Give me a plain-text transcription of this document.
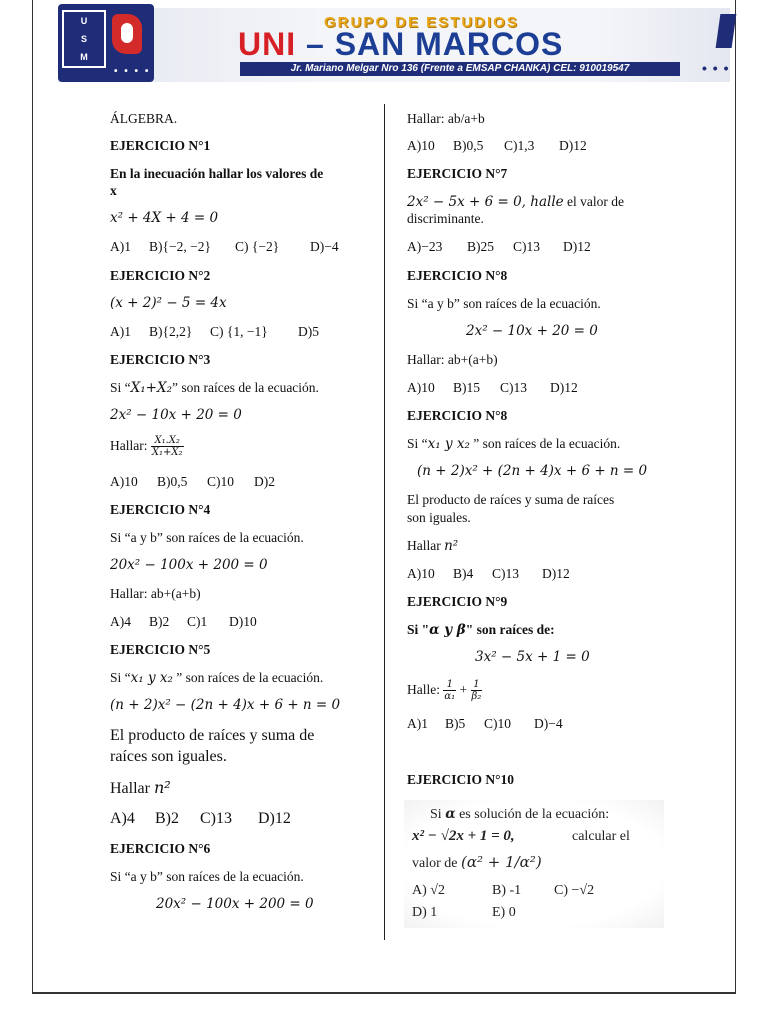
U
S
M
• • • •
GRUPO DE ESTUDIOS
UNI – SAN MARCOS
Jr. Mariano Melgar Nro 136 (Frente a EMSAP CHANKA) CEL: 910019547	• • •
ÁLGEBRA.
EJERCICIO N°1
En la inecuación hallar los valores de
x
x² + 4X + 4 = 0
A)1 B){−2, −2} C) {−2} D)−4
EJERCICIO N°2
(x + 2)² − 5 = 4x
A)1 B){2,2} C) {1, −1} D)5
EJERCICIO N°3
Si “X₁+X₂” son raíces de la ecuación.
2x² − 10x + 20 = 0
Hallar: $\frac{\text{X₁.X₂}}{\text{X₁+X₂}}$
A)10 B)0,5 C)10 D)2
EJERCICIO N°4
Si “a y b” son raíces de la ecuación.
20x² − 100x + 200 = 0
Hallar: ab+(a+b)
A)4 B)2 C)1 D)10
EJERCICIO N°5
Si “x₁ y x₂ ” son raíces de la ecuación.
(n + 2)x² − (2n + 4)x + 6 + n = 0
El producto de raíces y suma de
raíces son iguales.
Hallar n²
A)4 B)2 C)13 D)12
EJERCICIO N°6
Si “a y b” son raíces de la ecuación.
20x² − 100x + 200 = 0
Hallar: ab/a+b
A)10 B)0,5 C)1,3 D)12
EJERCICIO N°7
2x² − 5x + 6 = 0, halle el valor de
discriminante.
A)−23 B)25 C)13 D)12
EJERCICIO N°8
Si “a y b” son raíces de la ecuación.
2x² − 10x + 20 = 0
Hallar: ab+(a+b)
A)10 B)15 C)13 D)12
EJERCICIO N°8
Si “x₁ y x₂ ” son raíces de la ecuación.
(n + 2)x² + (2n + 4)x + 6 + n = 0
El producto de raíces y suma de raíces
son iguales.
Hallar n²
A)10 B)4 C)13 D)12
EJERCICIO N°9
Si "α y β" son raíces de:
3x² − 5x + 1 = 0
Halle: $\frac{1}{\text{α₁}} + \frac{1}{\text{β₂}}$
A)1 B)5 C)10 D)−4
EJERCICIO N°10
Si α es solución de la ecuación:
x² − √2x + 1 = 0,	calcular el
valor de (α² + 1/α²)
A) √2	B) -1 C) −√2
D) 1	E) 0
